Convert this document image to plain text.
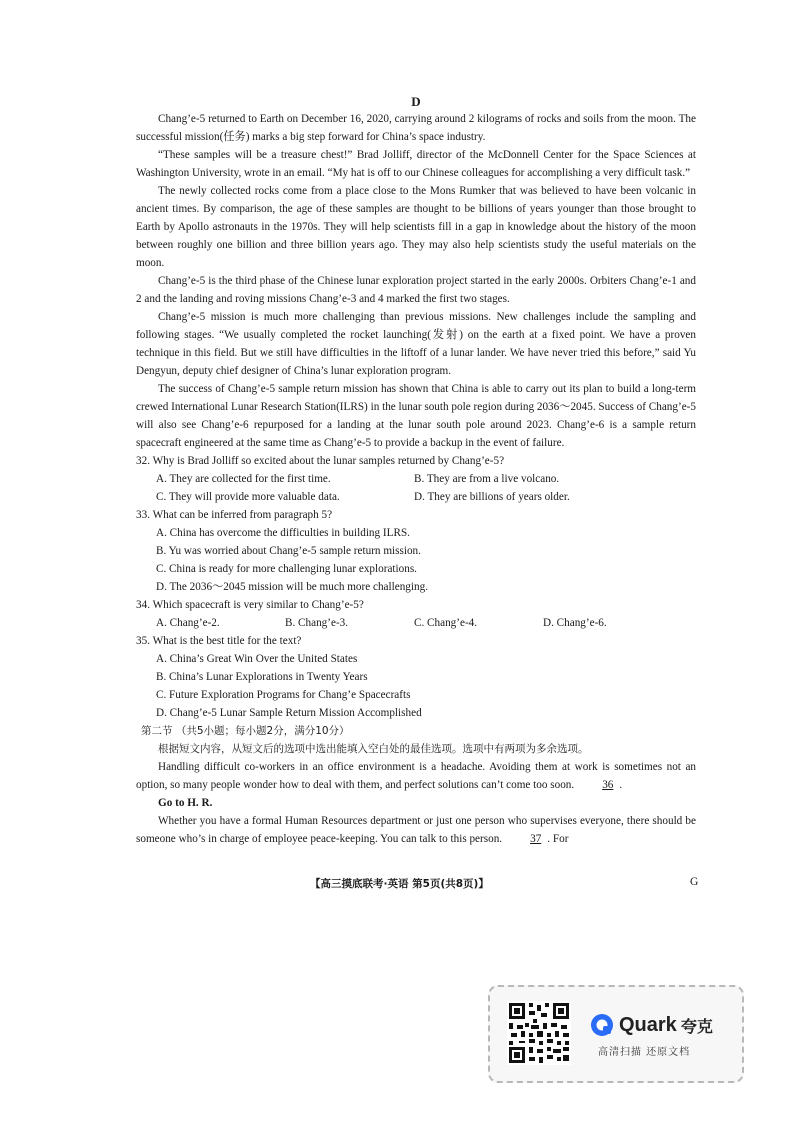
D

Chang’e-5 returned to Earth on December 16, 2020, carrying around 2 kilograms of rocks and soils from the moon. The successful mission(任务) marks a big step forward for China’s space industry.

“These samples will be a treasure chest!” Brad Jolliff, director of the McDonnell Center for the Space Sciences at Washington University, wrote in an email. “My hat is off to our Chinese colleagues for accomplishing a very difficult task.”

The newly collected rocks come from a place close to the Mons Rumker that was believed to have been volcanic in ancient times. By comparison, the age of these samples are thought to be billions of years younger than those brought to Earth by Apollo astronauts in the 1970s. They will help scientists fill in a gap in knowledge about the history of the moon between roughly one billion and three billion years ago. They may also help scientists study the useful materials on the moon.

Chang’e-5 is the third phase of the Chinese lunar exploration project started in the early 2000s. Orbiters Chang’e-1 and 2 and the landing and roving missions Chang’e-3 and 4 marked the first two stages.

Chang’e-5 mission is much more challenging than previous missions. New challenges include the sampling and following stages. “We usually completed the rocket launching(发射) on the earth at a fixed point. We have a proven technique in this field. But we still have difficulties in the liftoff of a lunar lander. We have never tried this before,” said Yu Dengyun, deputy chief designer of China’s lunar exploration program.

The success of Chang’e-5 sample return mission has shown that China is able to carry out its plan to build a long-term crewed International Lunar Research Station(ILRS) in the lunar south pole region during 2036～2045. Success of Chang’e-5 will also see Chang’e-6 repurposed for a landing at the lunar south pole around 2023. Chang’e-6 is a sample return spacecraft engineered at the same time as Chang’e-5 to provide a backup in the event of failure.

32. Why is Brad Jolliff so excited about the lunar samples returned by Chang’e-5?

A. They are collected for the first time.	B. They are from a live volcano.
C. They will provide more valuable data.	D. They are billions of years older.

33. What can be inferred from paragraph 5?

A. China has overcome the difficulties in building ILRS.

B. Yu was worried about Chang’e-5 sample return mission.

C. China is ready for more challenging lunar explorations.

D. The 2036～2045 mission will be much more challenging.

34. Which spacecraft is very similar to Chang’e-5?

A. Chang’e-2.	B. Chang’e-3.	C. Chang’e-4.	D. Chang’e-6.

35. What is the best title for the text?

A. China’s Great Win Over the United States

B. China’s Lunar Explorations in Twenty Years

C. Future Exploration Programs for Chang’e Spacecrafts

D. Chang’e-5 Lunar Sample Return Mission Accomplished

第二节 （共5小题；每小题2分，满分10分）

根据短文内容，从短文后的选项中选出能填入空白处的最佳选项。选项中有两项为多余选项。

Handling difficult co-workers in an office environment is a headache. Avoiding them at work is sometimes not an option, so many people wonder how to deal with them, and perfect solutions can’t come too soon.	36 .

Go to H. R.

Whether you have a formal Human Resources department or just one person who supervises everyone, there should be someone who’s in charge of employee peace-keeping. You can talk to this person.	37 . For

【高三摸底联考·英语 第5页(共8页)】	G
Quark 夸克
高清扫描 还原文档
